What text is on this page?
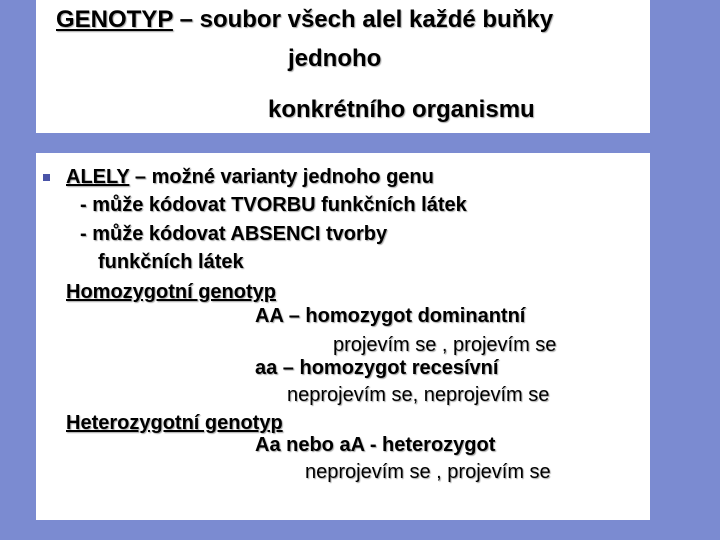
GENOTYP – soubor všech alel každé buňky
jednoho
konkrétního organismu
ALELY – možné varianty jednoho genu
- může kódovat TVORBU funkčních látek
- může kódovat ABSENCI tvorby
funkčních látek
Homozygotní genotyp
AA – homozygot dominantní
projevím se , projevím se
aa – homozygot recesívní
neprojevím se, neprojevím se
Heterozygotní genotyp
Aa nebo aA - heterozygot
neprojevím se , projevím se
